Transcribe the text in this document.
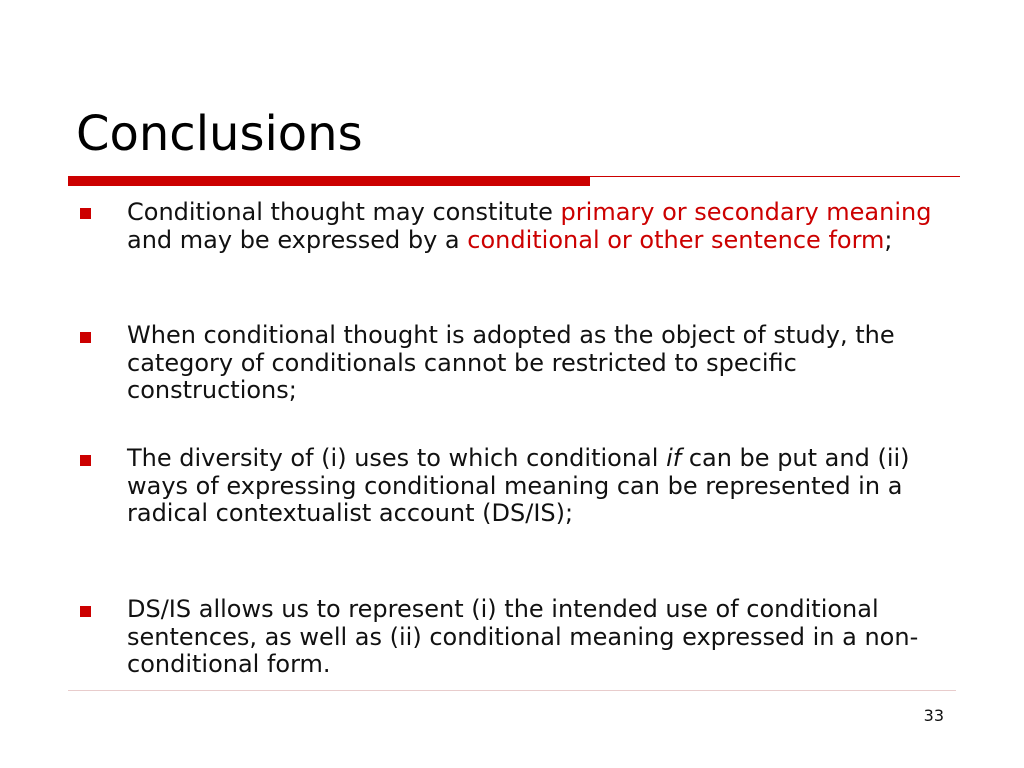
Conclusions
Conditional thought may constitute primary or secondary meaning and may be expressed by a conditional or other sentence form;
When conditional thought is adopted as the object of study, the category of conditionals cannot be restricted to specific constructions;
The diversity of (i) uses to which conditional if can be put and (ii) ways of expressing conditional meaning can be represented in a radical contextualist account (DS/IS);
DS/IS allows us to represent (i) the intended use of conditional sentences, as well as (ii) conditional meaning expressed in a non-conditional form.
33
